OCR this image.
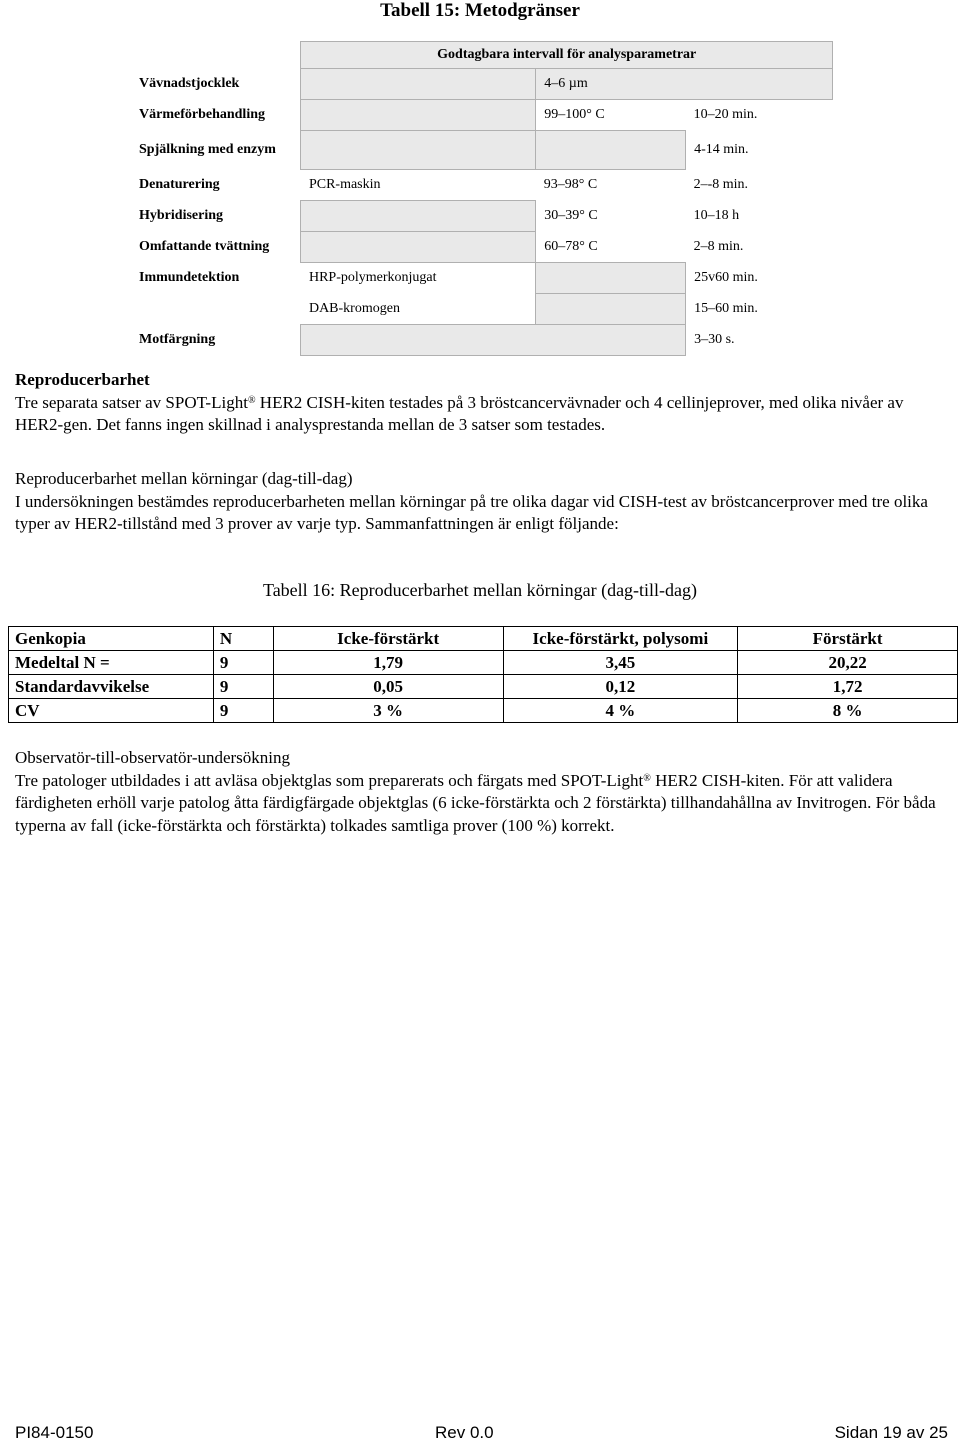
Tabell 15: Metodgränser
	Godtagbara intervall för analysparametrar		
Vävnadstjocklek		4–6 µm	
Värmeförbehandling		99–100° C	10–20 min.
Spjälkning med enzym			4-14 min.
Denaturering	PCR-maskin	93–98° C	2–-8 min.
Hybridisering		30–39° C	10–18 h
Omfattande tvättning		60–78° C	2–8 min.
Immundetektion	HRP-polymerkonjugat		25v60 min.
	DAB-kromogen		15–60 min.
Motfärgning			3–30 s.
Reproducerbarhet
Tre separata satser av SPOT-Light® HER2 CISH-kiten testades på 3 bröstcancervävnader och 4 cellinjeprover, med olika nivåer av HER2-gen. Det fanns ingen skillnad i analysprestanda mellan de 3 satser som testades.
Reproducerbarhet mellan körningar (dag-till-dag)
I undersökningen bestämdes reproducerbarheten mellan körningar på tre olika dagar vid CISH-test av bröstcancerprover med tre olika typer av HER2-tillstånd med 3 prover av varje typ. Sammanfattningen är enligt följande:
Tabell 16: Reproducerbarhet mellan körningar (dag-till-dag)
Genkopia	N	Icke-förstärkt	Icke-förstärkt, polysomi	Förstärkt
Medeltal N =	9	1,79	3,45	20,22
Standardavvikelse	9	0,05	0,12	1,72
CV	9	3 %	4 %	8 %
Observatör-till-observatör-undersökning
Tre patologer utbildades i att avläsa objektglas som preparerats och färgats med SPOT-Light® HER2 CISH-kiten. För att validera färdigheten erhöll varje patolog åtta färdigfärgade objektglas (6 icke-förstärkta och 2 förstärkta) tillhandahållna av Invitrogen. För båda typerna av fall (icke-förstärkta och förstärkta) tolkades samtliga prover (100 %) korrekt.
PI84-0150	Rev 0.0	Sidan 19 av 25
